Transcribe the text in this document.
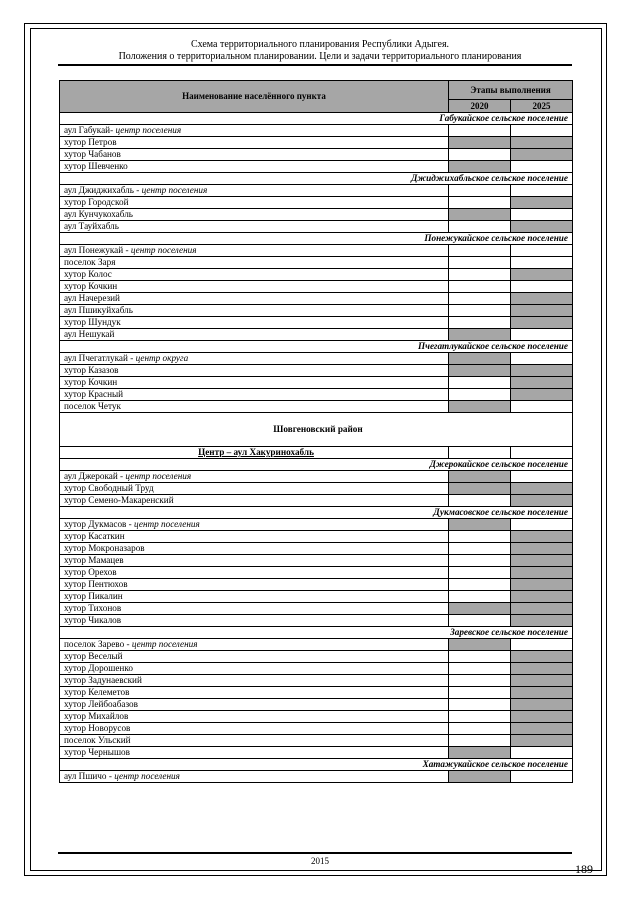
Схема территориального планирования Республики Адыгея.
Положения о территориальном планировании. Цели и задачи территориального планирования
Наименование населённого пункта	Этапы выполнения	
	2020	2025
Габукайское сельское поселение		
аул Габукай- центр поселения		
хутор Петров		
хутор Чабанов		
хутор Шевченко		
Джиджихабльское сельское поселение		
аул Джиджихабль - центр поселения		
хутор Городской		
аул Кунчукохабль		
аул Тауйхабль		
Понежукайское сельское поселение		
аул Понежукай - центр поселения		
поселок Заря		
хутор Колос		
хутор Кочкин		
аул Начерезий		
аул Пшикуйхабль		
хутор Шундук		
аул Нешукай		
Пчегатлукайское сельское поселение		
аул Пчегатлукай - центр округа		
хутор Казазов		
хутор Кочкин		
хутор Красный		
поселок Четук		
Шовгеновский район		
Центр – аул Хакуринохабль		
Джерокайское сельское поселение		
аул Джерокай - центр поселения		
хутор Свободный Труд		
хутор Семено-Макаренский		
Дукмасовское сельское поселение		
хутор Дукмасов - центр поселения		
хутор Касаткин		
хутор Мокроназаров		
хутор Мамацев		
хутор Орехов		
хутор Пентюхов		
хутор Пикалин		
хутор Тихонов		
хутор Чикалов		
Заревское сельское поселение		
поселок Зарево - центр поселения		
хутор Веселый		
хутор Дорошенко		
хутор Задунаевский		
хутор Келеметов		
хутор Лейбоабазов		
хутор Михайлов		
хутор Новорусов		
поселок Ульский		
хутор Чернышов		
Хатажукайское сельское поселение		
аул Пшичо - центр поселения		
2015
189
